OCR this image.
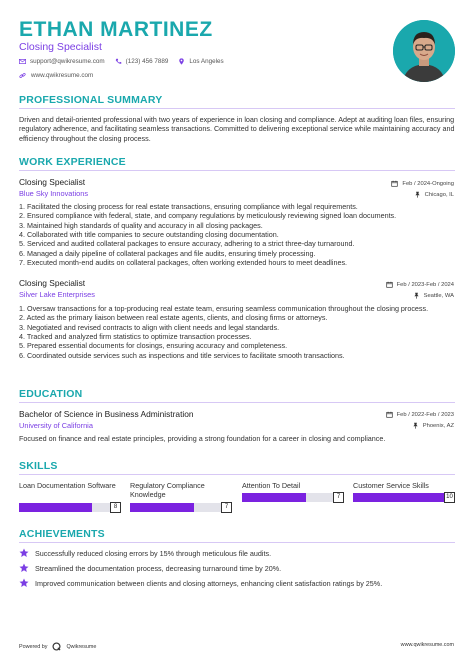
ETHAN MARTINEZ
Closing Specialist
support@qwikresume.com	(123) 456 7889	Los Angeles
www.qwikresume.com
PROFESSIONAL SUMMARY
Driven and detail-oriented professional with two years of experience in loan closing and compliance. Adept at auditing loan files, ensuring regulatory adherence, and facilitating seamless transactions. Committed to delivering exceptional service while maintaining accuracy and efficiency throughout the closing process.
WORK EXPERIENCE
Closing Specialist
Blue Sky Innovations
Feb / 2024-Ongoing
Chicago, IL
1. Facilitated the closing process for real estate transactions, ensuring compliance with legal requirements.
2. Ensured compliance with federal, state, and company regulations by meticulously reviewing signed loan documents.
3. Maintained high standards of quality and accuracy in all closing packages.
4. Collaborated with title companies to secure outstanding closing documentation.
5. Serviced and audited collateral packages to ensure accuracy, adhering to a strict three-day turnaround.
6. Managed a daily pipeline of collateral packages and file audits, ensuring timely processing.
7. Executed month-end audits on collateral packages, often working extended hours to meet deadlines.
Closing Specialist
Silver Lake Enterprises
Feb / 2023-Feb / 2024
Seattle, WA
1. Oversaw transactions for a top-producing real estate team, ensuring seamless communication throughout the closing process.
2. Acted as the primary liaison between real estate agents, clients, and closing firms or attorneys.
3. Negotiated and revised contracts to align with client needs and legal standards.
4. Tracked and analyzed firm statistics to optimize transaction processes.
5. Prepared essential documents for closings, ensuring accuracy and completeness.
6. Coordinated outside services such as inspections and title services to facilitate smooth transactions.
EDUCATION
Bachelor of Science in Business Administration
University of California
Feb / 2022-Feb / 2023
Phoenix, AZ
Focused on finance and real estate principles, providing a strong foundation for a career in closing and compliance.
SKILLS
Loan Documentation Software
8
Regulatory Compliance Knowledge
7
Attention To Detail
7
Customer Service Skills
10
ACHIEVEMENTS
Successfully reduced closing errors by 15% through meticulous file audits.
Streamlined the documentation process, decreasing turnaround time by 20%.
Improved communication between clients and closing attorneys, enhancing client satisfaction ratings by 25%.
Powered by	Qwikresume	www.qwikresume.com
